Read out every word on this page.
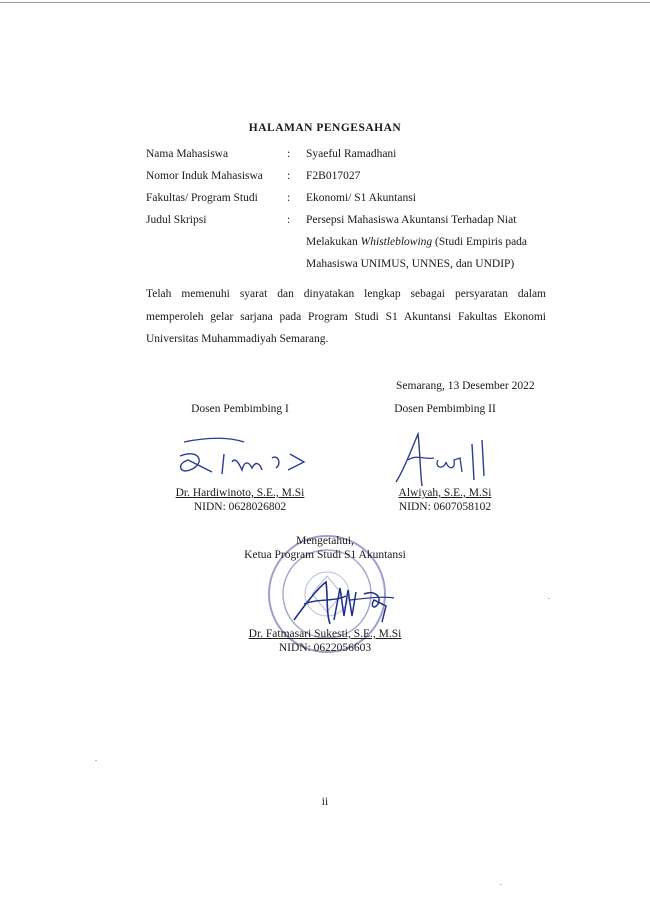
HALAMAN PENGESAHAN
Nama Mahasiswa	: Syaeful Ramadhani
Nomor Induk Mahasiswa : F2B017027
Fakultas/ Program Studi	: Ekonomi/ S1 Akuntansi
Judul Skripsi	: Persepsi Mahasiswa Akuntansi Terhadap Niat
Melakukan Whistleblowing (Studi Empiris pada
Mahasiswa UNIMUS, UNNES, dan UNDIP)
Telah memenuhi syarat dan dinyatakan lengkap sebagai persyaratan dalam memperoleh gelar sarjana pada Program Studi S1 Akuntansi Fakultas Ekonomi Universitas Muhammadiyah Semarang.
Semarang, 13 Desember 2022
Dosen Pembimbing I
Dr. Hardiwinoto, S.E., M.Si
NIDN: 0628026802
Dosen Pembimbing II
Alwiyah, S.E., M.Si
NIDN: 0607058102
Mengetahui,
Ketua Program Studi S1 Akuntansi
Dr. Fatmasari Sukesti, S.E., M.Si
NIDN: 0622056603
ii
